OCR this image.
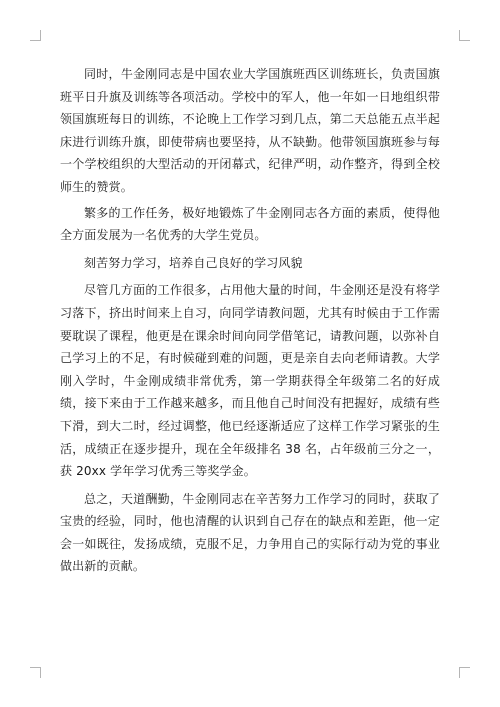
同时，牛金刚同志是中国农业大学国旗班西区训练班长，负责国旗班平日升旗及训练等各项活动。学校中的军人，他一年如一日地组织带领国旗班每日的训练，不论晚上工作学习到几点，第二天总能五点半起床进行训练升旗，即使带病也要坚持，从不缺勤。他带领国旗班参与每一个学校组织的大型活动的开闭幕式，纪律严明，动作整齐，得到全校师生的赞赏。

繁多的工作任务，极好地锻炼了牛金刚同志各方面的素质，使得他全方面发展为一名优秀的大学生党员。

刻苦努力学习，培养自己良好的学习风貌

尽管几方面的工作很多，占用他大量的时间，牛金刚还是没有将学习落下，挤出时间来上自习，向同学请教问题，尤其有时候由于工作需要耽误了课程，他更是在课余时间向同学借笔记，请教问题，以弥补自己学习上的不足，有时候碰到难的问题，更是亲自去向老师请教。大学刚入学时，牛金刚成绩非常优秀，第一学期获得全年级第二名的好成绩，接下来由于工作越来越多，而且他自己时间没有把握好，成绩有些下滑，到大二时，经过调整，他已经逐渐适应了这样工作学习紧张的生活，成绩正在逐步提升，现在全年级排名 38 名，占年级前三分之一，获 20xx 学年学习优秀三等奖学金。

总之，天道酬勤，牛金刚同志在辛苦努力工作学习的同时，获取了宝贵的经验，同时，他也清醒的认识到自己存在的缺点和差距，他一定会一如既往，发扬成绩，克服不足，力争用自己的实际行动为党的事业做出新的贡献。
